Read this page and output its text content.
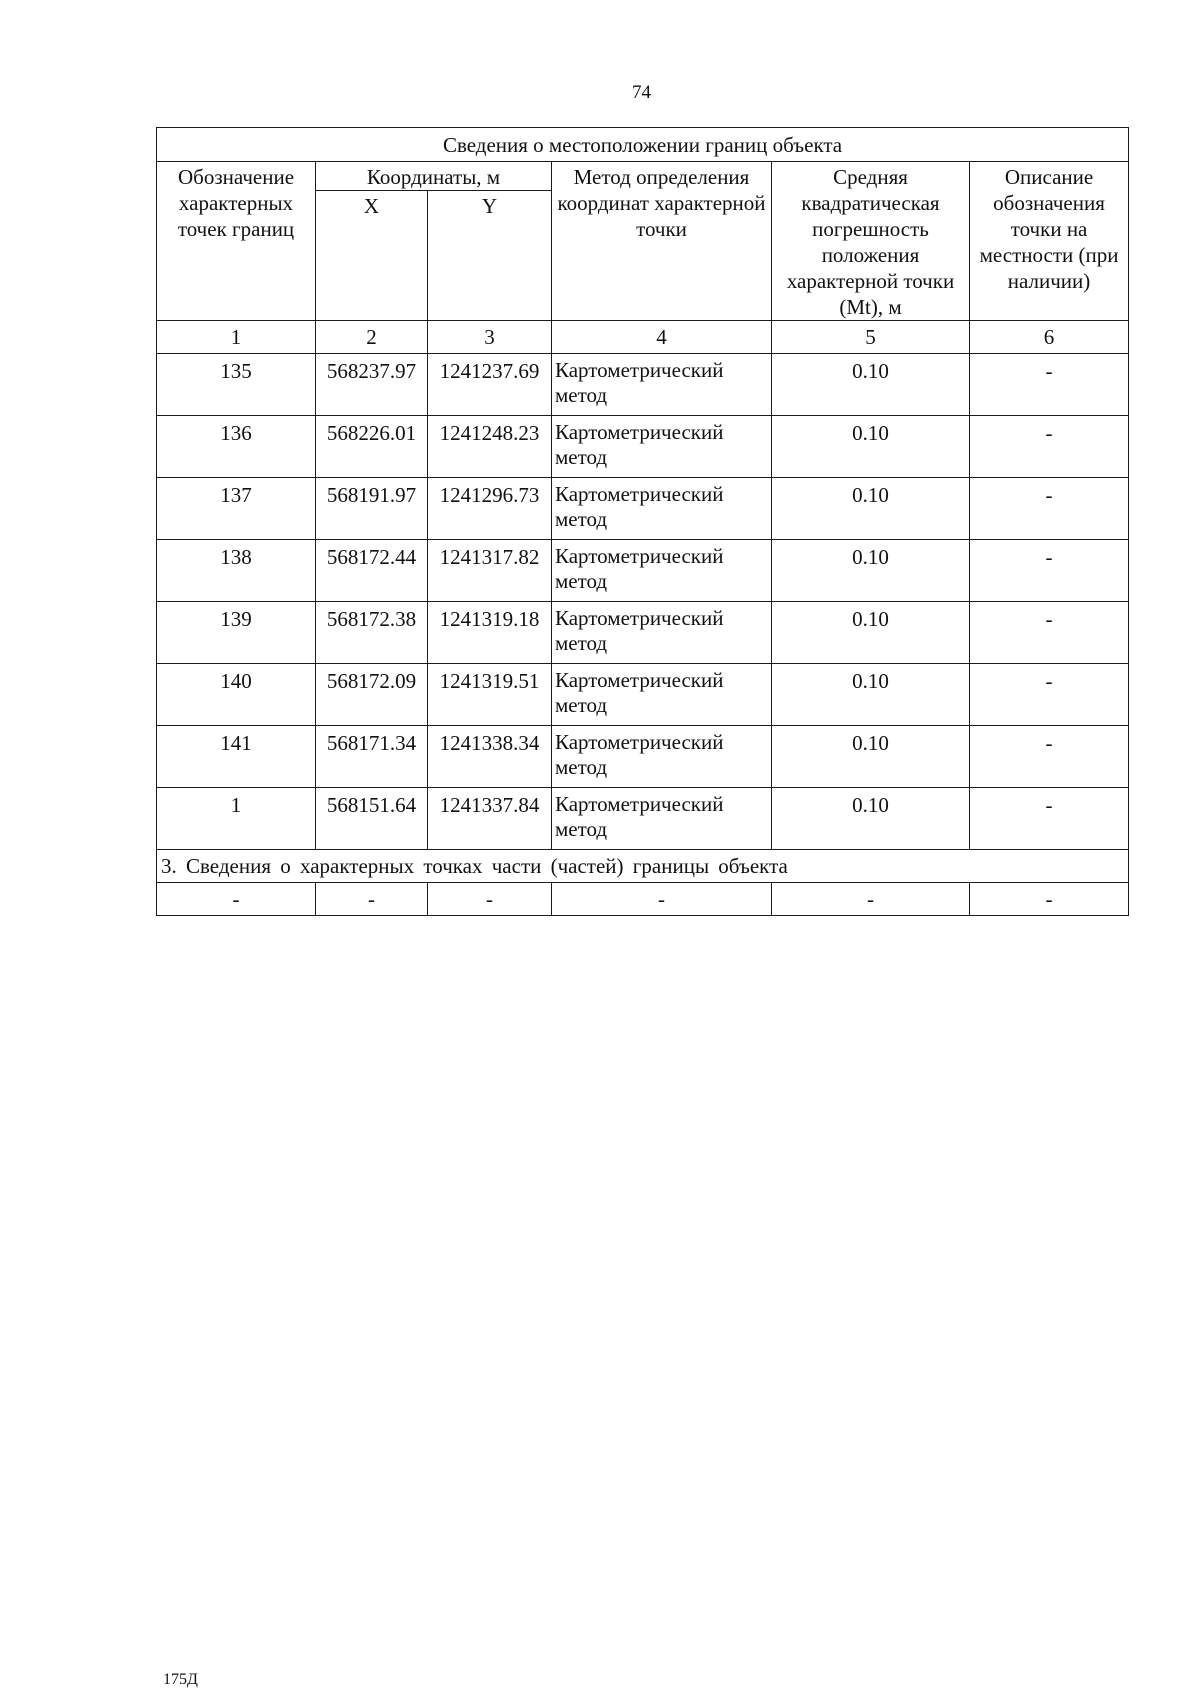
74
Сведения о местоположении границ объекта					
Обозначение характерных точек границ	Координаты, м		Метод определения координат характерной точки	Средняя квадратическая погрешность положения характерной точки (Mt), м	Описание обозначения точки на местности (при наличии)
	X	Y			
1	2	3	4	5	6
135	568237.97	1241237.69	Картометрический метод	0.10	-
136	568226.01	1241248.23	Картометрический метод	0.10	-
137	568191.97	1241296.73	Картометрический метод	0.10	-
138	568172.44	1241317.82	Картометрический метод	0.10	-
139	568172.38	1241319.18	Картометрический метод	0.10	-
140	568172.09	1241319.51	Картометрический метод	0.10	-
141	568171.34	1241338.34	Картометрический метод	0.10	-
1	568151.64	1241337.84	Картометрический метод	0.10	-
3. Сведения о характерных точках части (частей) границы объекта					
-	-	-	-	-	-
175Д
